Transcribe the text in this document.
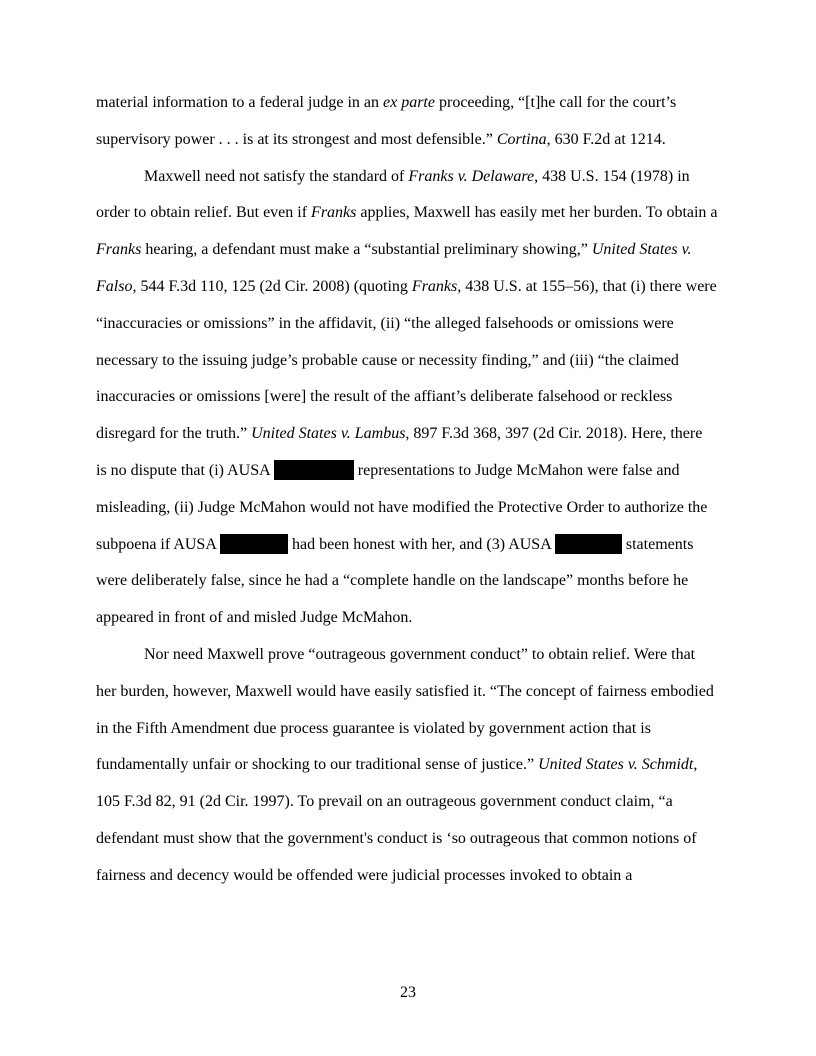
material information to a federal judge in an ex parte proceeding, “[t]he call for the court’s
supervisory power . . . is at its strongest and most defensible.” Cortina, 630 F.2d at 1214.
Maxwell need not satisfy the standard of Franks v. Delaware, 438 U.S. 154 (1978) in
order to obtain relief. But even if Franks applies, Maxwell has easily met her burden. To obtain a
Franks hearing, a defendant must make a “substantial preliminary showing,” United States v.
Falso, 544 F.3d 110, 125 (2d Cir. 2008) (quoting Franks, 438 U.S. at 155–56), that (i) there were
“inaccuracies or omissions” in the affidavit, (ii) “the alleged falsehoods or omissions were
necessary to the issuing judge’s probable cause or necessity finding,” and (iii) “the claimed
inaccuracies or omissions [were] the result of the affiant’s deliberate falsehood or reckless
disregard for the truth.” United States v. Lambus, 897 F.3d 368, 397 (2d Cir. 2018). Here, there
is no dispute that (i) AUSA	representations to Judge McMahon were false and
misleading, (ii) Judge McMahon would not have modified the Protective Order to authorize the
subpoena if AUSA	had been honest with her, and (3) AUSA	statements
were deliberately false, since he had a “complete handle on the landscape” months before he
appeared in front of and misled Judge McMahon.
Nor need Maxwell prove “outrageous government conduct” to obtain relief. Were that
her burden, however, Maxwell would have easily satisfied it. “The concept of fairness embodied
in the Fifth Amendment due process guarantee is violated by government action that is
fundamentally unfair or shocking to our traditional sense of justice.” United States v. Schmidt,
105 F.3d 82, 91 (2d Cir. 1997). To prevail on an outrageous government conduct claim, “a
defendant must show that the government's conduct is ‘so outrageous that common notions of
fairness and decency would be offended were judicial processes invoked to obtain a
23
